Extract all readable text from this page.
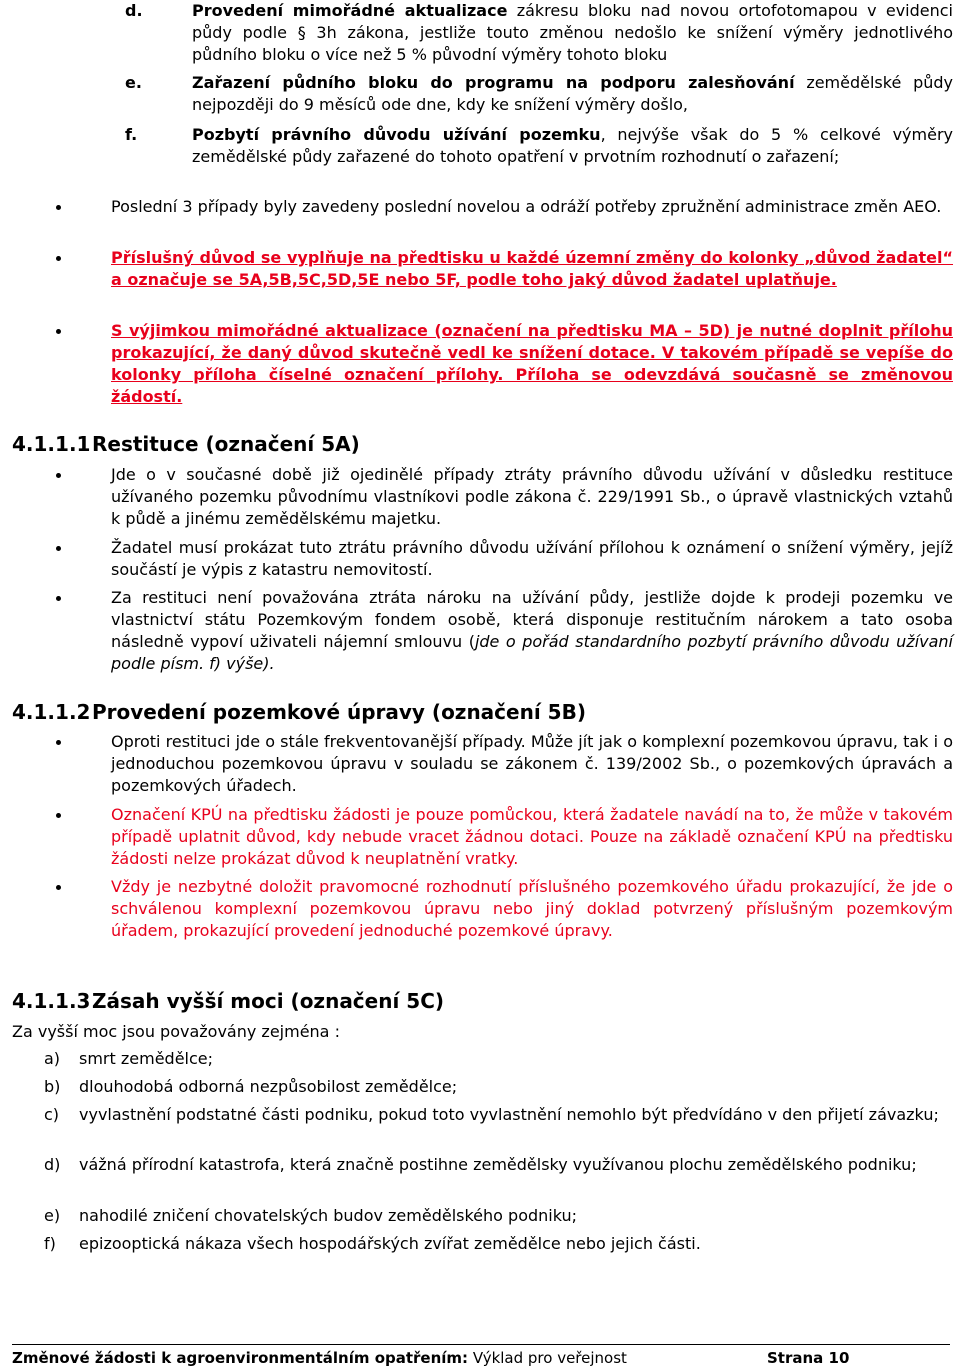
d.	Provedení mimořádné aktualizace zákresu bloku nad novou ortofotomapou v evidenci půdy podle § 3h zákona, jestliže touto změnou nedošlo ke snížení výměry jednotlivého půdního bloku o více než 5 % původní výměry tohoto bloku
e.	Zařazení půdního bloku do programu na podporu zalesňování zemědělské půdy nejpozději do 9 měsíců ode dne, kdy ke snížení výměry došlo,
f.	Pozbytí právního důvodu užívání pozemku, nejvýše však do 5 % celkové výměry zemědělské půdy zařazené do tohoto opatření v prvotním rozhodnutí o zařazení;
Poslední 3 případy byly zavedeny poslední novelou a odráží potřeby zpružnění administrace změn AEO.
Příslušný důvod se vyplňuje na předtisku u každé územní změny do kolonky „důvod žadatel“ a označuje se 5A,5B,5C,5D,5E nebo 5F, podle toho jaký důvod žadatel uplatňuje.
S výjimkou mimořádné aktualizace (označení na předtisku MA – 5D) je nutné doplnit přílohu prokazující, že daný důvod skutečně vedl ke snížení dotace. V takovém případě se vepíše do kolonky příloha číselné označení přílohy. Příloha se odevzdává současně se změnovou žádostí.
4.1.1.1Restituce (označení 5A)
Jde o v současné době již ojedinělé případy ztráty právního důvodu užívání v důsledku restituce užívaného pozemku původnímu vlastníkovi podle zákona č. 229/1991 Sb., o úpravě vlastnických vztahů k půdě a jinému zemědělskému majetku.
Žadatel musí prokázat tuto ztrátu právního důvodu užívání přílohou k oznámení o snížení výměry, jejíž součástí je výpis z katastru nemovitostí.
Za restituci není považována ztráta nároku na užívání půdy, jestliže dojde k prodeji pozemku ve vlastnictví státu Pozemkovým fondem osobě, která disponuje restitučním nárokem a tato osoba následně vypoví uživateli nájemní smlouvu (jde o pořád standardního pozbytí právního důvodu užívaní podle písm. f) výše).
4.1.1.2Provedení pozemkové úpravy (označení 5B)
Oproti restituci jde o stále frekventovanější případy. Může jít jak o komplexní pozemkovou úpravu, tak i o jednoduchou pozemkovou úpravu v souladu se zákonem č. 139/2002 Sb., o pozemkových úpravách a pozemkových úřadech.
Označení KPÚ na předtisku žádosti je pouze pomůckou, která žadatele navádí na to, že může v takovém případě uplatnit důvod, kdy nebude vracet žádnou dotaci. Pouze na základě označení KPÚ na předtisku žádosti nelze prokázat důvod k neuplatnění vratky.
Vždy je nezbytné doložit pravomocné rozhodnutí příslušného pozemkového úřadu prokazující, že jde o schválenou komplexní pozemkovou úpravu nebo jiný doklad potvrzený příslušným pozemkovým úřadem, prokazující provedení jednoduché pozemkové úpravy.
4.1.1.3Zásah vyšší moci (označení 5C)
Za vyšší moc jsou považovány zejména :
a) smrt zemědělce;
b) dlouhodobá odborná nezpůsobilost zemědělce;
c) vyvlastnění podstatné části podniku, pokud toto vyvlastnění nemohlo být předvídáno v den přijetí závazku;
d) vážná přírodní katastrofa, která značně postihne zemědělsky využívanou plochu zemědělského podniku;
e) nahodilé zničení chovatelských budov zemědělského podniku;
f) epizooptická nákaza všech hospodářských zvířat zemědělce nebo jejich části.
Změnové žádosti k agroenvironmentálním opatřením: Výklad pro veřejnost	Strana 10
